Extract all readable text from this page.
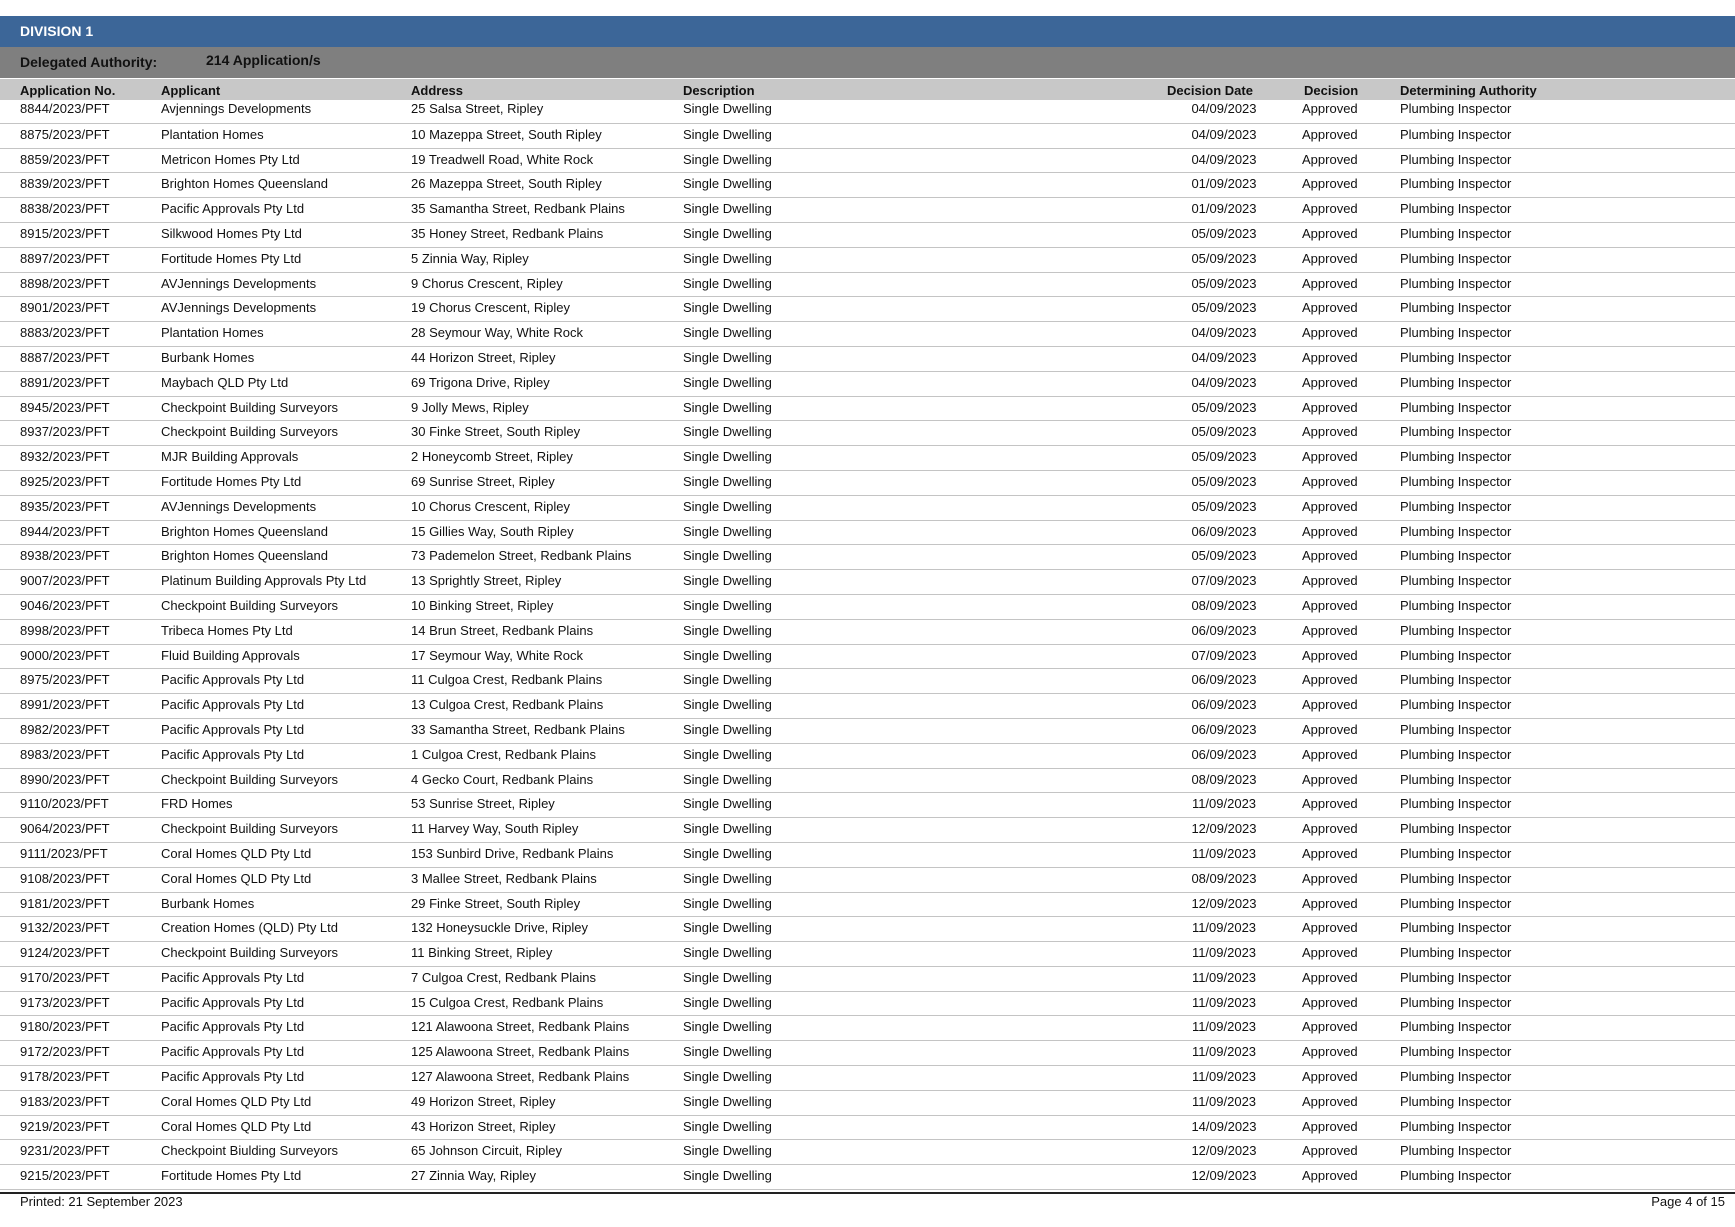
DIVISION 1
Delegated Authority:	214 Application/s
Application No.	Applicant	Address	Description	Decision Date	Decision	Determining Authority
8844/2023/PFT	Avjennings Developments	25 Salsa Street, Ripley	Single Dwelling	04/09/2023	Approved	Plumbing Inspector
8875/2023/PFT	Plantation Homes	10 Mazeppa Street, South Ripley	Single Dwelling	04/09/2023	Approved	Plumbing Inspector
8859/2023/PFT	Metricon Homes Pty Ltd	19 Treadwell Road, White Rock	Single Dwelling	04/09/2023	Approved	Plumbing Inspector
8839/2023/PFT	Brighton Homes Queensland	26 Mazeppa Street, South Ripley	Single Dwelling	01/09/2023	Approved	Plumbing Inspector
8838/2023/PFT	Pacific Approvals Pty Ltd	35 Samantha Street, Redbank Plains	Single Dwelling	01/09/2023	Approved	Plumbing Inspector
8915/2023/PFT	Silkwood Homes Pty Ltd	35 Honey Street, Redbank Plains	Single Dwelling	05/09/2023	Approved	Plumbing Inspector
8897/2023/PFT	Fortitude Homes Pty Ltd	5 Zinnia Way, Ripley	Single Dwelling	05/09/2023	Approved	Plumbing Inspector
8898/2023/PFT	AVJennings Developments	9 Chorus Crescent, Ripley	Single Dwelling	05/09/2023	Approved	Plumbing Inspector
8901/2023/PFT	AVJennings Developments	19 Chorus Crescent, Ripley	Single Dwelling	05/09/2023	Approved	Plumbing Inspector
8883/2023/PFT	Plantation Homes	28 Seymour Way, White Rock	Single Dwelling	04/09/2023	Approved	Plumbing Inspector
8887/2023/PFT	Burbank Homes	44 Horizon Street, Ripley	Single Dwelling	04/09/2023	Approved	Plumbing Inspector
8891/2023/PFT	Maybach QLD Pty Ltd	69 Trigona Drive, Ripley	Single Dwelling	04/09/2023	Approved	Plumbing Inspector
8945/2023/PFT	Checkpoint Building Surveyors	9 Jolly Mews, Ripley	Single Dwelling	05/09/2023	Approved	Plumbing Inspector
8937/2023/PFT	Checkpoint Building Surveyors	30 Finke Street, South Ripley	Single Dwelling	05/09/2023	Approved	Plumbing Inspector
8932/2023/PFT	MJR Building Approvals	2 Honeycomb Street, Ripley	Single Dwelling	05/09/2023	Approved	Plumbing Inspector
8925/2023/PFT	Fortitude Homes Pty Ltd	69 Sunrise Street, Ripley	Single Dwelling	05/09/2023	Approved	Plumbing Inspector
8935/2023/PFT	AVJennings Developments	10 Chorus Crescent, Ripley	Single Dwelling	05/09/2023	Approved	Plumbing Inspector
8944/2023/PFT	Brighton Homes Queensland	15 Gillies Way, South Ripley	Single Dwelling	06/09/2023	Approved	Plumbing Inspector
8938/2023/PFT	Brighton Homes Queensland	73 Pademelon Street, Redbank Plains	Single Dwelling	05/09/2023	Approved	Plumbing Inspector
9007/2023/PFT	Platinum Building Approvals Pty Ltd	13 Sprightly Street, Ripley	Single Dwelling	07/09/2023	Approved	Plumbing Inspector
9046/2023/PFT	Checkpoint Building Surveyors	10 Binking Street, Ripley	Single Dwelling	08/09/2023	Approved	Plumbing Inspector
8998/2023/PFT	Tribeca Homes Pty Ltd	14 Brun Street, Redbank Plains	Single Dwelling	06/09/2023	Approved	Plumbing Inspector
9000/2023/PFT	Fluid Building Approvals	17 Seymour Way, White Rock	Single Dwelling	07/09/2023	Approved	Plumbing Inspector
8975/2023/PFT	Pacific Approvals Pty Ltd	11 Culgoa Crest, Redbank Plains	Single Dwelling	06/09/2023	Approved	Plumbing Inspector
8991/2023/PFT	Pacific Approvals Pty Ltd	13 Culgoa Crest, Redbank Plains	Single Dwelling	06/09/2023	Approved	Plumbing Inspector
8982/2023/PFT	Pacific Approvals Pty Ltd	33 Samantha Street, Redbank Plains	Single Dwelling	06/09/2023	Approved	Plumbing Inspector
8983/2023/PFT	Pacific Approvals Pty Ltd	1 Culgoa Crest, Redbank Plains	Single Dwelling	06/09/2023	Approved	Plumbing Inspector
8990/2023/PFT	Checkpoint Building Surveyors	4 Gecko Court, Redbank Plains	Single Dwelling	08/09/2023	Approved	Plumbing Inspector
9110/2023/PFT	FRD Homes	53 Sunrise Street, Ripley	Single Dwelling	11/09/2023	Approved	Plumbing Inspector
9064/2023/PFT	Checkpoint Building Surveyors	11 Harvey Way, South Ripley	Single Dwelling	12/09/2023	Approved	Plumbing Inspector
9111/2023/PFT	Coral Homes QLD Pty Ltd	153 Sunbird Drive, Redbank Plains	Single Dwelling	11/09/2023	Approved	Plumbing Inspector
9108/2023/PFT	Coral Homes QLD Pty Ltd	3 Mallee Street, Redbank Plains	Single Dwelling	08/09/2023	Approved	Plumbing Inspector
9181/2023/PFT	Burbank Homes	29 Finke Street, South Ripley	Single Dwelling	12/09/2023	Approved	Plumbing Inspector
9132/2023/PFT	Creation Homes (QLD) Pty Ltd	132 Honeysuckle Drive, Ripley	Single Dwelling	11/09/2023	Approved	Plumbing Inspector
9124/2023/PFT	Checkpoint Building Surveyors	11 Binking Street, Ripley	Single Dwelling	11/09/2023	Approved	Plumbing Inspector
9170/2023/PFT	Pacific Approvals Pty Ltd	7 Culgoa Crest, Redbank Plains	Single Dwelling	11/09/2023	Approved	Plumbing Inspector
9173/2023/PFT	Pacific Approvals Pty Ltd	15 Culgoa Crest, Redbank Plains	Single Dwelling	11/09/2023	Approved	Plumbing Inspector
9180/2023/PFT	Pacific Approvals Pty Ltd	121 Alawoona Street, Redbank Plains	Single Dwelling	11/09/2023	Approved	Plumbing Inspector
9172/2023/PFT	Pacific Approvals Pty Ltd	125 Alawoona Street, Redbank Plains	Single Dwelling	11/09/2023	Approved	Plumbing Inspector
9178/2023/PFT	Pacific Approvals Pty Ltd	127 Alawoona Street, Redbank Plains	Single Dwelling	11/09/2023	Approved	Plumbing Inspector
9183/2023/PFT	Coral Homes QLD Pty Ltd	49 Horizon Street, Ripley	Single Dwelling	11/09/2023	Approved	Plumbing Inspector
9219/2023/PFT	Coral Homes QLD Pty Ltd	43 Horizon Street, Ripley	Single Dwelling	14/09/2023	Approved	Plumbing Inspector
9231/2023/PFT	Checkpoint Biulding Surveyors	65 Johnson Circuit, Ripley	Single Dwelling	12/09/2023	Approved	Plumbing Inspector
9215/2023/PFT	Fortitude Homes Pty Ltd	27 Zinnia Way, Ripley	Single Dwelling	12/09/2023	Approved	Plumbing Inspector
Printed: 21 September 2023	Page 4 of 15
